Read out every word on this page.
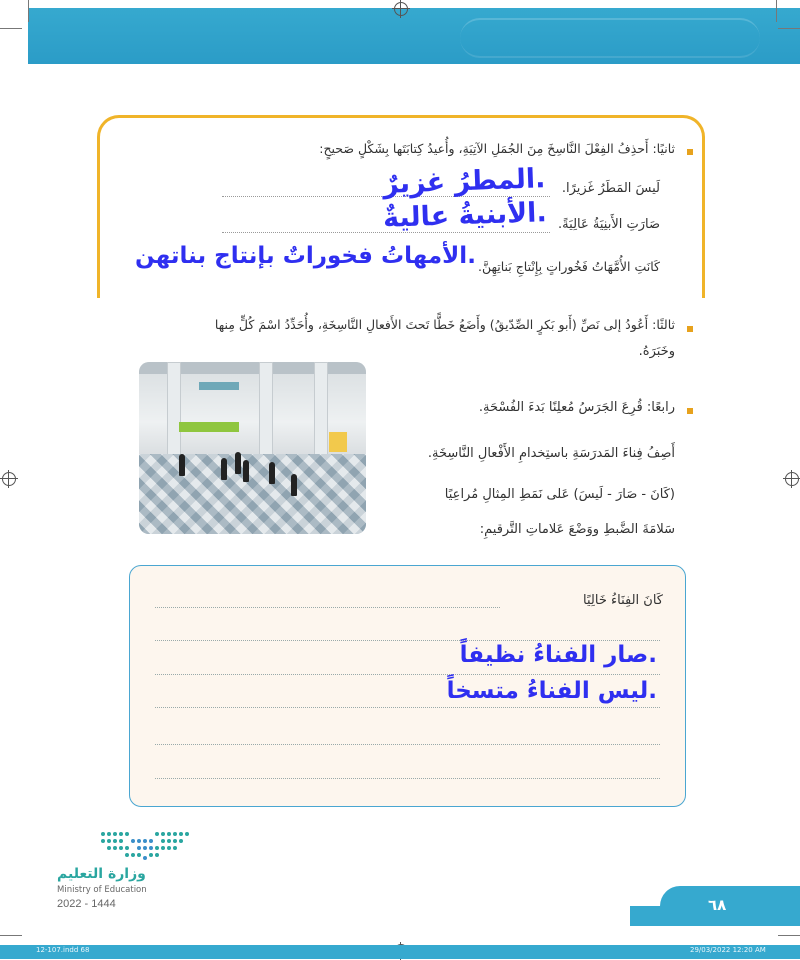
ثانيًا: أَحذِفُ الفِعْلَ النَّاسِخَ مِنَ الجُمَلِ الآتِيَةِ، وأُعيدُ كِتابَتَها بِشَكْلٍ صَحيحٍ:
لَيسَ المَطَرُ غَزيرًا.
المطرُ غزيرٌ.
صَارَتِ الأَبنِيَةُ عَالِيَةً.
الأبنيةُ عاليةٌ.
كَانَتِ الأُمَّهَاتُ فَخُوراتٍ بِإِنْتاجِ بَناتِهِنَّ.
الأمهاتُ فخوراتٌ بإنتاج بناتهن.
ثالثًا: أَعُودُ إلى نَصِّ (أَبو بَكرٍ الصِّدّيقُ) وأَضَعُ خَطًّا تَحتَ الأَفعالِ النَّاسِخَةِ، وأُحَدِّدُ اسْمَ كُلٍّ مِنها
وخَبَرَهُ.
رابعًا: قُرِعَ الجَرَسُ مُعلِنًا بَدءَ الفُسْحَةِ.
أَصِفُ فِناءَ المَدرَسَةِ باستِخدامِ الأَفْعالِ النَّاسِخَةِ.
(كَانَ - صَارَ - لَيسَ) عَلى نَمَطِ المِثالِ مُراعِيًا
سَلامَةَ الضَّبطِ ووَضْعَ عَلاماتِ التَّرقيمِ:
كَانَ الفِنَاءُ خَالِيًا
صار الفناءُ نظيفاً.
ليس الفناءُ متسخاً.
وزارة التعليم
Ministry of Education
2022 - 1444	٦٨
12-107.indd 68	29/03/2022 12:20 AM
